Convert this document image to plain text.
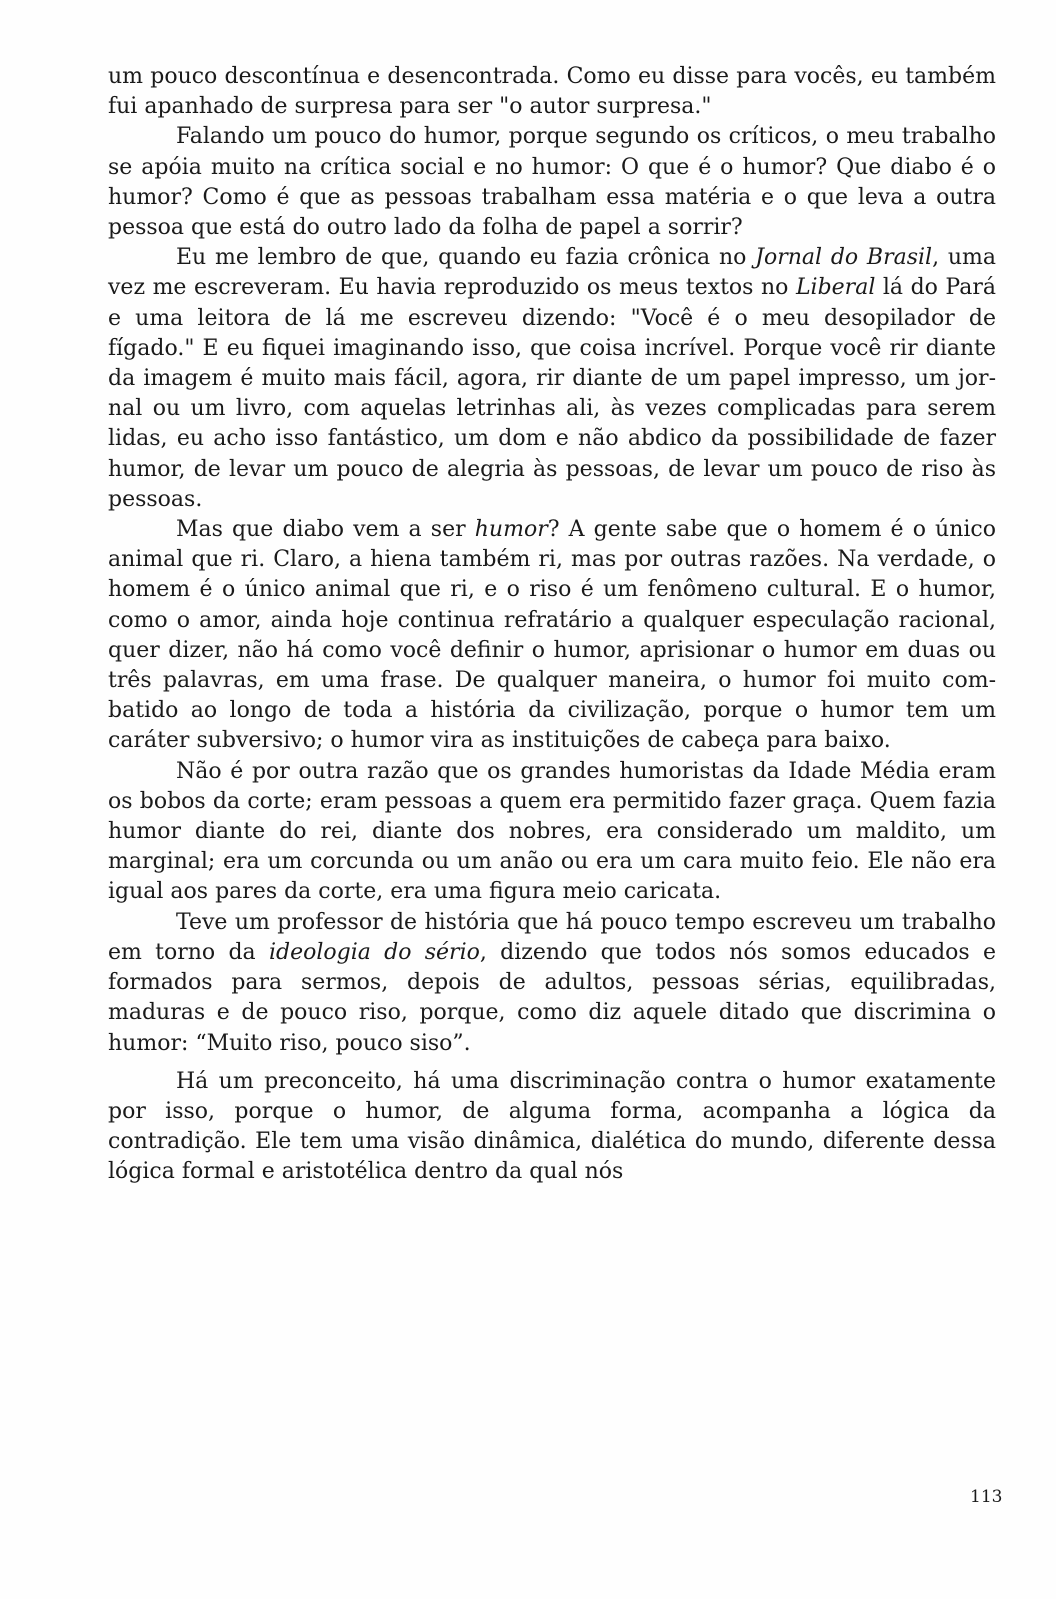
um pouco descontínua e desencontrada. Como eu disse para vocês, eu também fui apanhado de surpresa para ser "o autor surpresa."

Falando um pouco do humor, porque segundo os críticos, o meu trabalho se apóia muito na crítica social e no humor: O que é o humor? Que diabo é o humor? Como é que as pessoas trabalham essa matéria e o que leva a outra pessoa que está do outro lado da folha de papel a sorrir?

Eu me lembro de que, quando eu fazia crônica no Jornal do Brasil, uma vez me escreveram. Eu havia reproduzido os meus textos no Liberal lá do Pará e uma leitora de lá me escreveu dizendo: "Você é o meu desopilador de fígado." E eu fiquei imaginando isso, que coisa incrível. Porque você rir diante da imagem é muito mais fácil, agora, rir diante de um papel impresso, um jornal ou um livro, com aquelas letrinhas ali, às vezes complicadas para serem lidas, eu acho isso fantástico, um dom e não abdico da possibilidade de fazer humor, de levar um pouco de alegria às pessoas, de levar um pouco de riso às pessoas.

Mas que diabo vem a ser humor? A gente sabe que o homem é o único animal que ri. Claro, a hiena também ri, mas por outras razões. Na verdade, o homem é o único animal que ri, e o riso é um fenômeno cultural. E o humor, como o amor, ainda hoje continua refratário a qualquer especulação racional, quer dizer, não há como você definir o humor, aprisionar o humor em duas ou três palavras, em uma frase. De qualquer maneira, o humor foi muito combatido ao longo de toda a história da civilização, porque o humor tem um caráter subversivo; o humor vira as instituições de cabeça para baixo.

Não é por outra razão que os grandes humoristas da Idade Média eram os bobos da corte; eram pessoas a quem era permitido fazer graça. Quem fazia humor diante do rei, diante dos nobres, era considerado um maldito, um marginal; era um corcunda ou um anão ou era um cara muito feio. Ele não era igual aos pares da corte, era uma figura meio caricata.

Teve um professor de história que há pouco tempo escreveu um trabalho em torno da ideologia do sério, dizendo que todos nós somos educados e formados para sermos, depois de adultos, pessoas sérias, equilibradas, maduras e de pouco riso, porque, como diz aquele ditado que discrimina o humor: “Muito riso, pouco siso”.

Há um preconceito, há uma discriminação contra o humor exatamente por isso, porque o humor, de alguma forma, acompanha a lógica da contradição. Ele tem uma visão dinâmica, dialética do mundo, diferente dessa lógica formal e aristotélica dentro da qual nós

113
